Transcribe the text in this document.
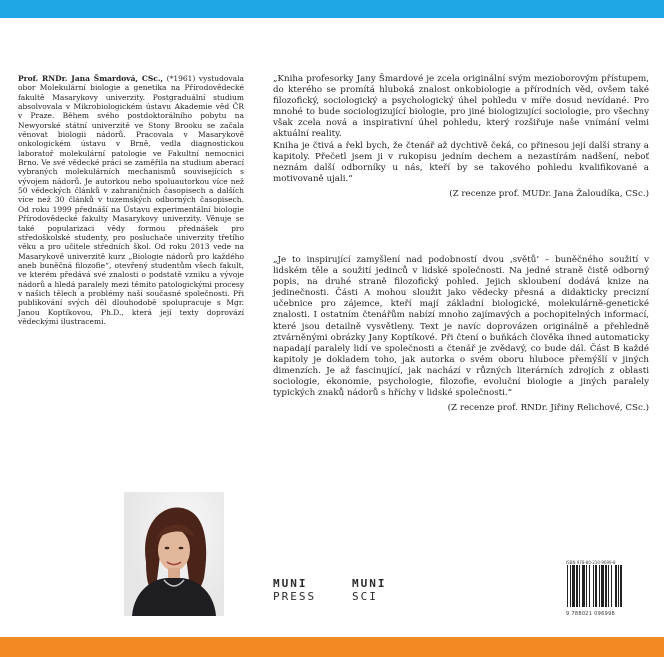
Prof. RNDr. Jana Šmardová, CSc., (*1961) vystudovala obor Molekulární biologie a genetika na Přírodovědecké fakultě Masarykovy univerzity. Postgraduální studium absolvovala v Mikrobiologickém ústavu Akademie věd ČR v Praze. Během svého postdoktorálního pobytu na Newyorské státní univerzitě ve Stony Brooku se začala věnovat biologii nádorů. Pracovala v Masarykově onkologickém ústavu v Brně, vedla diagnostickou laboratoř molekulární patologie ve Fakultní nemocnici Brno. Ve své vědecké práci se zaměřila na studium aberací vybraných molekulárních mechanismů souvisejících s vývojem nádorů. Je autorkou nebo spoluautorkou více než 50 vědeckých článků v zahraničních časopisech a dalších více než 30 článků v tuzemských odborných časopisech. Od roku 1999 přednáší na Ústavu experimentální biologie Přírodovědecké fakulty Masarykovy univerzity. Věnuje se také popularizaci vědy formou přednášek pro středoškolské studenty, pro posluchače univerzity třetího věku a pro učitele středních škol. Od roku 2013 vede na Masarykově univerzitě kurz „Biologie nádorů pro každého aneb buněčná filozofie“, otevřený studentům všech fakult, ve kterém předává své znalosti o podstatě vzniku a vývoje nádorů a hledá paralely mezi těmito patologickými procesy v našich tělech a problémy naší současné společnosti. Při publikování svých děl dlouhodobě spolupracuje s Mgr. Janou Koptíkovou, Ph.D., která její texty doprovází vědeckými ilustracemi.

„Kniha profesorky Jany Šmardové je zcela originální svým mezioborovým přístupem, do kterého se promítá hluboká znalost onkobiologie a přírodních věd, ovšem také filozofický, sociologický a psychologický úhel pohledu v míře dosud nevídané. Pro mnohé to bude sociologizující biologie, pro jiné biologizující sociologie, pro všechny však zcela nová a inspirativní úhel pohledu, který rozšiřuje naše vnímání velmi aktuální reality.

Kniha je čtivá a řekl bych, že čtenář až dychtivě čeká, co přinesou její další strany a kapitoly. Přečetl jsem ji v rukopisu jedním dechem a nezastírám nadšení, neboť neznám další odborníky u nás, kteří by se takového pohledu kvalifikované a motivovaně ujali.“

(Z recenze prof. MUDr. Jana Žaloudíka, CSc.)

„Je to inspirující zamyšlení nad podobností dvou ‚světů‘ – buněčného soužití v lidském těle a soužití jedinců v lidské společnosti. Na jedné straně čistě odborný popis, na druhé straně filozofický pohled. Jejich skloubení dodává knize na jedinečnosti. Části A mohou sloužit jako vědecky přesná a didakticky precizní učebnice pro zájemce, kteří mají základní biologické, molekulárně-genetické znalosti. I ostatním čtenářům nabízí mnoho zajímavých a pochopitelných informací, které jsou detailně vysvětleny. Text je navíc doprovázen originálně a přehledně ztvárněnými obrázky Jany Koptíkové. Při čtení o buňkách člověka ihned automaticky napadají paralely lidí ve společnosti a čtenář je zvědavý, co bude dál. Část B každé kapitoly je dokladem toho, jak autorka o svém oboru hluboce přemýšlí v jiných dimenzích. Je až fascinující, jak nachází v různých literárních zdrojích z oblasti sociologie, ekonomie, psychologie, filozofie, evoluční biologie a jiných paralely typických znaků nádorů s hříchy v lidské společnosti.“

(Z recenze prof. RNDr. Jiřiny Relichové, CSc.)
MUNI
PRESS
MUNI
SCI
ISBN 978-80-210-9699-8
9 788021 096998
